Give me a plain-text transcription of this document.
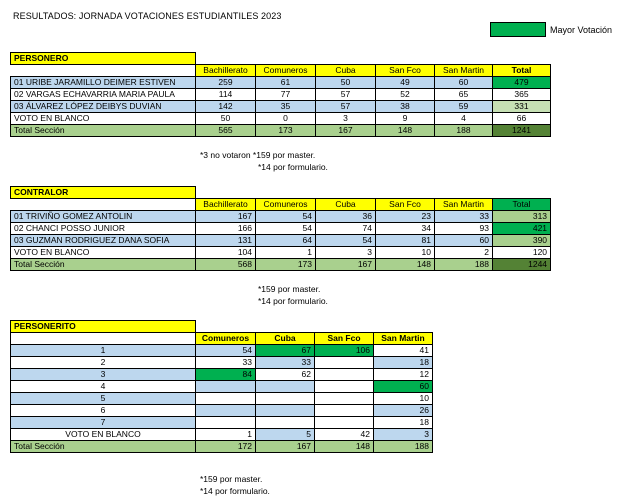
RESULTADOS: JORNADA VOTACIONES ESTUDIANTILES 2023
Mayor Votación
PERSONERO						
	Bachillerato	Comuneros	Cuba	San Fco	San Martin	Total
01 URIBE JARAMILLO DEIMER ESTIVEN	259	61	50	49	60	479
02 VARGAS ECHAVARRIA MARIA PAULA	114	77	57	52	65	365
03 ÁLVAREZ LÓPEZ DEIBYS DUVIAN	142	35	57	38	59	331
VOTO EN BLANCO	50	0	3	9	4	66
Total Sección	565	173	167	148	188	1241
*3 no votaron *159 por master.
*14 por formulario.
CONTRALOR						
	Bachillerato	Comuneros	Cuba	San Fco	San Martin	Total
01 TRIVIÑO GOMEZ ANTOLIN	167	54	36	23	33	313
02 CHANCI POSSO JUNIOR	166	54	74	34	93	421
03 GUZMAN RODRIGUEZ DANA SOFIA	131	64	54	81	60	390
VOTO EN BLANCO	104	1	3	10	2	120
Total Sección	568	173	167	148	188	1244
*159 por master.
*14 por formulario.
PERSONERITO				
	Comuneros	Cuba	San Fco	San Martin
1	54	67	106	41
2	33	33		18
3	84	62		12
4				60
5				10
6				26
7				18
VOTO EN BLANCO	1	5	42	3
Total Sección	172	167	148	188
*159 por master.
*14 por formulario.
